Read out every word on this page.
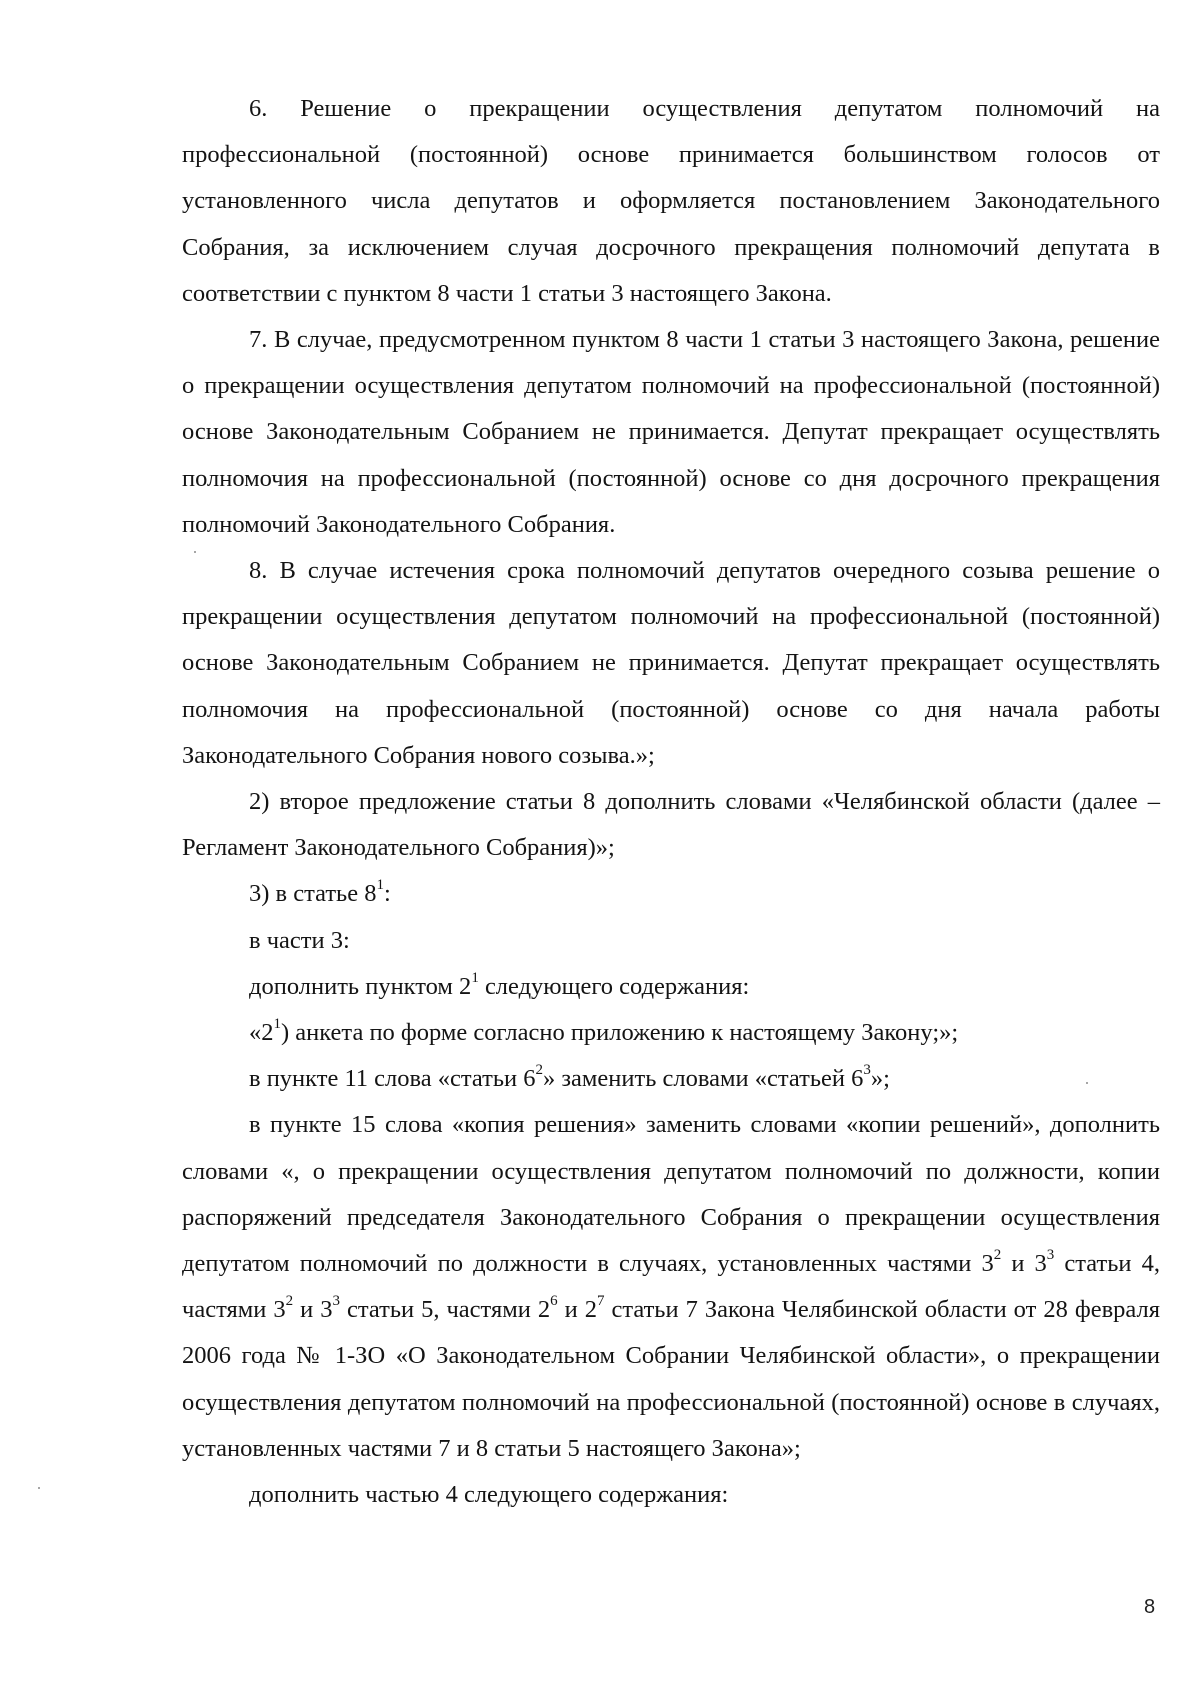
6. Решение о прекращении осуществления депутатом полномочий на профессиональной (постоянной) основе принимается большинством голосов от установленного числа депутатов и оформляется постановлением Законодательного Собрания, за исключением случая досрочного прекращения полномочий депутата в соответствии с пунктом 8 части 1 статьи 3 настоящего Закона.

7. В случае, предусмотренном пунктом 8 части 1 статьи 3 настоящего Закона, решение о прекращении осуществления депутатом полномочий на профессиональной (постоянной) основе Законодательным Собранием не принимается. Депутат прекращает осуществлять полномочия на профессиональной (постоянной) основе со дня досрочного прекращения полномочий Законодательного Собрания.

8. В случае истечения срока полномочий депутатов очередного созыва решение о прекращении осуществления депутатом полномочий на профессиональной (постоянной) основе Законодательным Собранием не принимается. Депутат прекращает осуществлять полномочия на профессиональной (постоянной) основе со дня начала работы Законодательного Собрания нового созыва.»;

2) второе предложение статьи 8 дополнить словами «Челябинской области (далее – Регламент Законодательного Собрания)»;

3) в статье $8^1$:

в части 3:

дополнить пунктом $2^1$ следующего содержания:

«$2^1$) анкета по форме согласно приложению к настоящему Закону;»;

в пункте 11 слова «статьи $6^2$» заменить словами «статьей $6^3$»;

в пункте 15 слова «копия решения» заменить словами «копии решений», дополнить словами «, о прекращении осуществления депутатом полномочий по должности, копии распоряжений председателя Законодательного Собрания о прекращении осуществления депутатом полномочий по должности в случаях, установленных частями $3^2$ и $3^3$ статьи 4, частями $3^2$ и $3^3$ статьи 5, частями $2^6$ и $2^7$ статьи 7 Закона Челябинской области от 28 февраля 2006 года № 1-ЗО «О Законодательном Собрании Челябинской области», о прекращении осуществления депутатом полномочий на профессиональной (постоянной) основе в случаях, установленных частями 7 и 8 статьи 5 настоящего Закона»;

дополнить частью 4 следующего содержания:

8
